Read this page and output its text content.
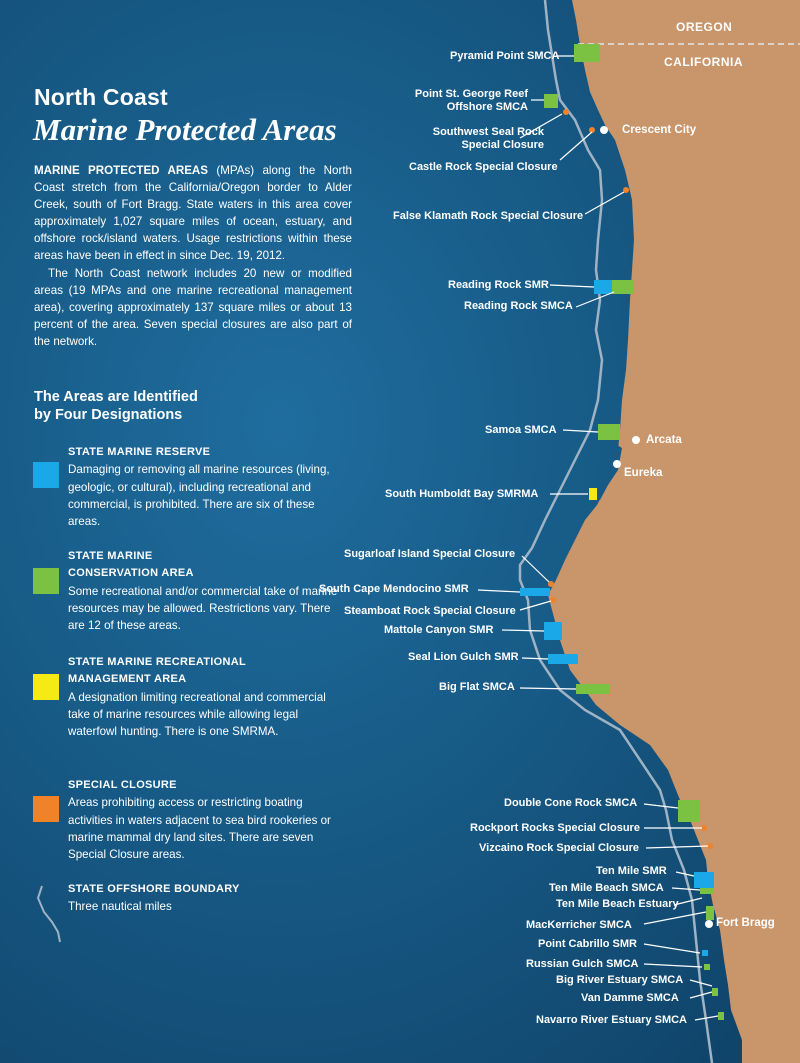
North Coast
Marine Protected Areas

MARINE PROTECTED AREAS (MPAs) along the North Coast stretch from the California/Oregon border to Alder Creek, south of Fort Bragg. State waters in this area cover approximately 1,027 square miles of ocean, estuary, and offshore rock/island waters. Usage restrictions within these areas have been in effect in since Dec. 19, 2012.

The North Coast network includes 20 new or modified areas (19 MPAs and one marine recreational management area), covering approximately 137 square miles or about 13 percent of the area. Seven special closures are also part of the network.

The Areas are Identified
by Four Designations
STATE MARINE RESERVE
Damaging or removing all marine resources (living, geologic, or cultural), including recreational and commercial, is prohibited. There are six of these areas.
STATE MARINE
CONSERVATION AREA
Some recreational and/or commercial take of marine resources may be allowed. Restrictions vary. There are 12 of these areas.
STATE MARINE RECREATIONAL
MANAGEMENT AREA
A designation limiting recreational and commercial take of marine resources while allowing legal waterfowl hunting. There is one SMRMA.
SPECIAL CLOSURE
Areas prohibiting access or restricting boating activities in waters adjacent to sea bird rookeries or marine mammal dry land sites. There are seven Special Closure areas.
STATE OFFSHORE BOUNDARY
Three nautical miles
OREGON
CALIFORNIA
Crescent City
Arcata
Eureka
Fort Bragg
Pyramid Point SMCA
Point St. George Reef
Offshore SMCA
Southwest Seal Rock
Special Closure
Castle Rock Special Closure
False Klamath Rock Special Closure
Reading Rock SMR
Reading Rock SMCA
Samoa SMCA
South Humboldt Bay SMRMA
Sugarloaf Island Special Closure
South Cape Mendocino SMR
Steamboat Rock Special Closure
Mattole Canyon SMR
Seal Lion Gulch SMR
Big Flat SMCA
Double Cone Rock SMCA
Rockport Rocks Special Closure
Vizcaino Rock Special Closure
Ten Mile SMR
Ten Mile Beach SMCA
Ten Mile Beach Estuary
MacKerricher SMCA
Point Cabrillo SMR
Russian Gulch SMCA
Big River Estuary SMCA
Van Damme SMCA
Navarro River Estuary SMCA
